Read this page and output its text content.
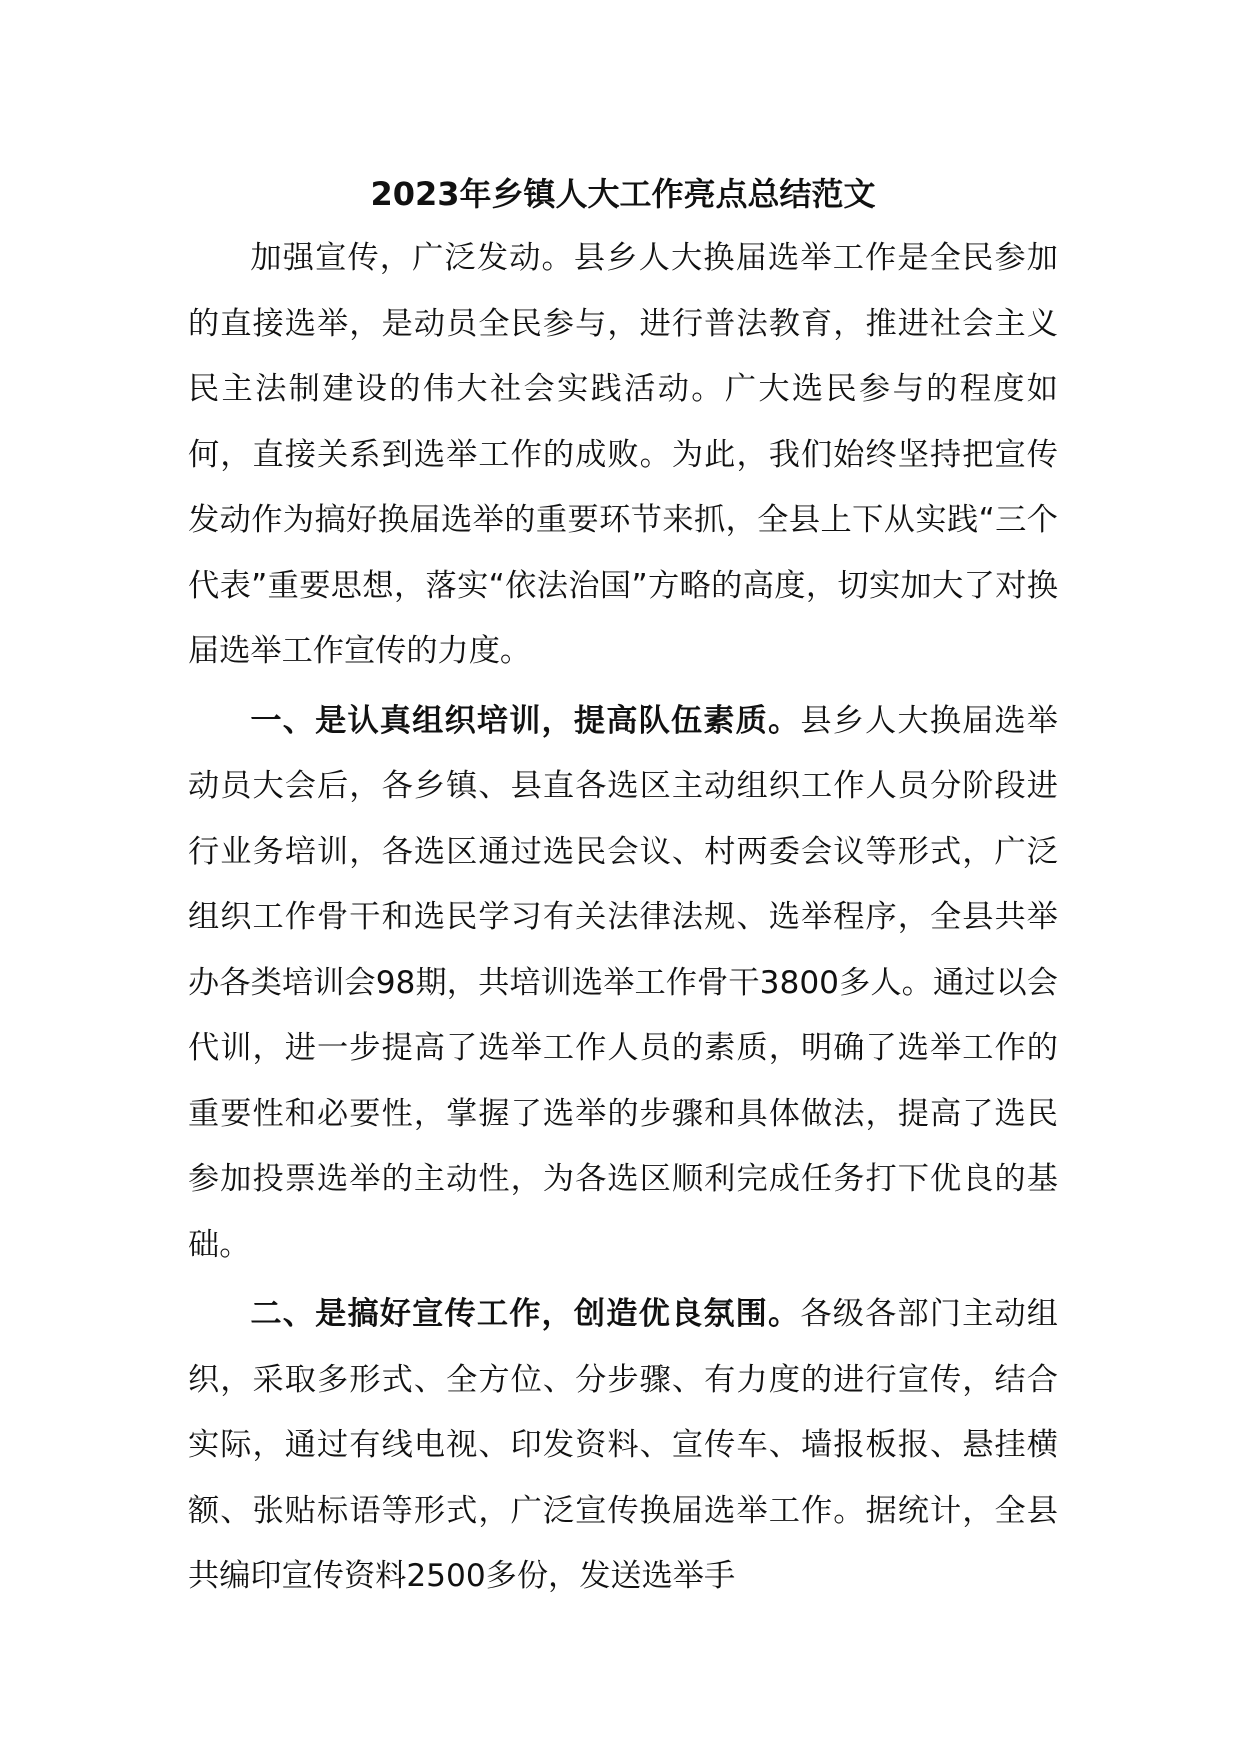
2023年乡镇人大工作亮点总结范文

加强宣传，广泛发动。县乡人大换届选举工作是全民参加的直接选举，是动员全民参与，进行普法教育，推进社会主义民主法制建设的伟大社会实践活动。广大选民参与的程度如何，直接关系到选举工作的成败。为此，我们始终坚持把宣传发动作为搞好换届选举的重要环节来抓，全县上下从实践“三个代表”重要思想，落实“依法治国”方略的高度，切实加大了对换届选举工作宣传的力度。

一、是认真组织培训，提高队伍素质。县乡人大换届选举动员大会后，各乡镇、县直各选区主动组织工作人员分阶段进行业务培训，各选区通过选民会议、村两委会议等形式，广泛组织工作骨干和选民学习有关法律法规、选举程序，全县共举办各类培训会98期，共培训选举工作骨干3800多人。通过以会代训，进一步提高了选举工作人员的素质，明确了选举工作的重要性和必要性，掌握了选举的步骤和具体做法，提高了选民参加投票选举的主动性，为各选区顺利完成任务打下优良的基础。

二、是搞好宣传工作，创造优良氛围。各级各部门主动组织，采取多形式、全方位、分步骤、有力度的进行宣传，结合实际，通过有线电视、印发资料、宣传车、墙报板报、悬挂横额、张贴标语等形式，广泛宣传换届选举工作。据统计，全县共编印宣传资料2500多份，发送选举手
